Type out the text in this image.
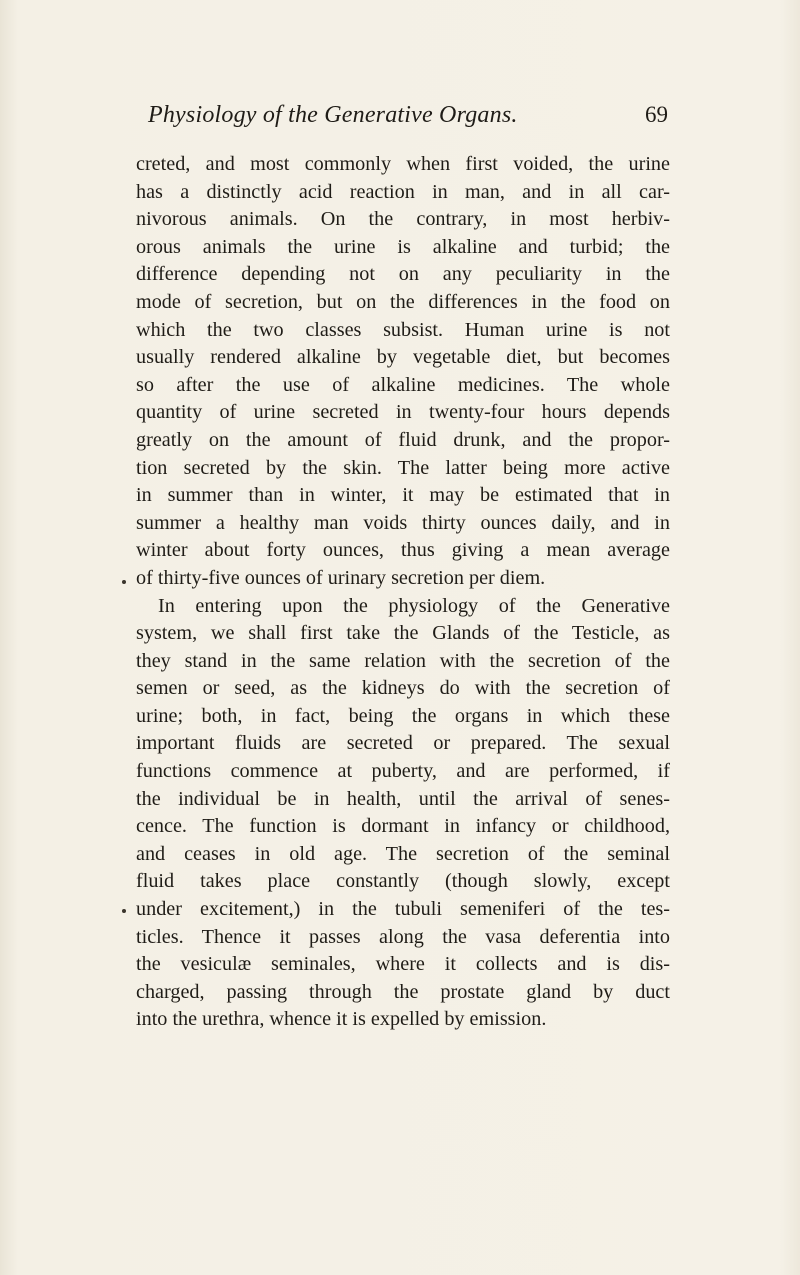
Physiology of the Generative Organs.	69
creted, and most commonly when first voided, the urine
has a distinctly acid reaction in man, and in all car-
nivorous animals. On the contrary, in most herbiv-
orous animals the urine is alkaline and turbid; the
difference depending not on any peculiarity in the
mode of secretion, but on the differences in the food on
which the two classes subsist. Human urine is not
usually rendered alkaline by vegetable diet, but becomes
so after the use of alkaline medicines. The whole
quantity of urine secreted in twenty-four hours depends
greatly on the amount of fluid drunk, and the propor-
tion secreted by the skin. The latter being more active
in summer than in winter, it may be estimated that in
summer a healthy man voids thirty ounces daily, and in
winter about forty ounces, thus giving a mean average
of thirty-five ounces of urinary secretion per diem.
In entering upon the physiology of the Generative
system, we shall first take the Glands of the Testicle, as
they stand in the same relation with the secretion of the
semen or seed, as the kidneys do with the secretion of
urine; both, in fact, being the organs in which these
important fluids are secreted or prepared. The sexual
functions commence at puberty, and are performed, if
the individual be in health, until the arrival of senes-
cence. The function is dormant in infancy or childhood,
and ceases in old age. The secretion of the seminal
fluid takes place constantly (though slowly, except
under excitement,) in the tubuli semeniferi of the tes-
ticles. Thence it passes along the vasa deferentia into
the vesiculæ seminales, where it collects and is dis-
charged, passing through the prostate gland by duct
into the urethra, whence it is expelled by emission.
